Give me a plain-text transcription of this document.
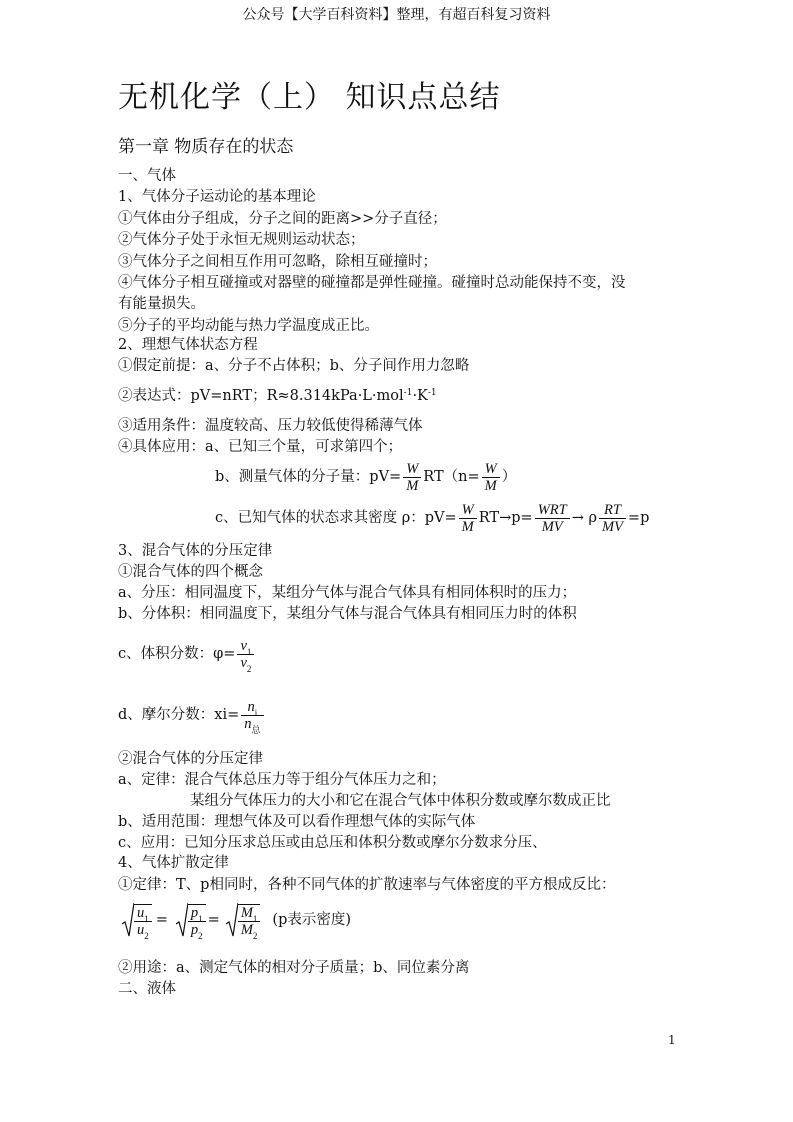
公众号【大学百科资料】整理，有超百科复习资料
无机化学（上） 知识点总结
第一章 物质存在的状态
一、气体
1、气体分子运动论的基本理论
①气体由分子组成，分子之间的距离>>分子直径；
②气体分子处于永恒无规则运动状态；
③气体分子之间相互作用可忽略，除相互碰撞时；
④气体分子相互碰撞或对器壁的碰撞都是弹性碰撞。碰撞时总动能保持不变，没
有能量损失。
⑤分子的平均动能与热力学温度成正比。
2、理想气体状态方程
①假定前提：a、分子不占体积；b、分子间作用力忽略
②表达式：pV=nRT；$R\approx 8.314kPa\cdot L\cdot mol^{-1}\cdot K^{-1}$
③适用条件：温度较高、压力较低使得稀薄气体
④具体应用：a、已知三个量，可求第四个；
b、测量气体的分子量：$pV= \frac{W}{M}$ RT （$n= \frac{W}{M}$ ）
c、已知气体的状态求其密度 ρ：$pV= \frac{W}{M}$ RT →p=
WRT
MV
→ ρ $\frac{RT}{MV} =p$
3、混合气体的分压定律
①混合气体的四个概念
a、分压：相同温度下，某组分气体与混合气体具有相同体积时的压力；
b、分体积：相同温度下，某组分气体与混合气体具有相同压力时的体积
c、体积分数：$\varphi= \frac{v_1}{v_2}$
d、摩尔分数：xi=
$n_i$
$n_总$
②混合气体的分压定律
a、定律：混合气体总压力等于组分气体压力之和；
某组分气体压力的大小和它在混合气体中体积分数或摩尔数成正比
b、适用范围：理想气体及可以看作理想气体的实际气体
c、应用：已知分压求总压或由总压和体积分数或摩尔分数求分压、
4、气体扩散定律
①定律：T、p相同时，各种不同气体的扩散速率与气体密度的平方根成反比：
$u_1$
$u_2$
= $p_1$
$p_2$
= $M_1$
$M_2$
(p表示密度)
②用途：a、测定气体的相对分子质量；b、同位素分离
二、液体
1
